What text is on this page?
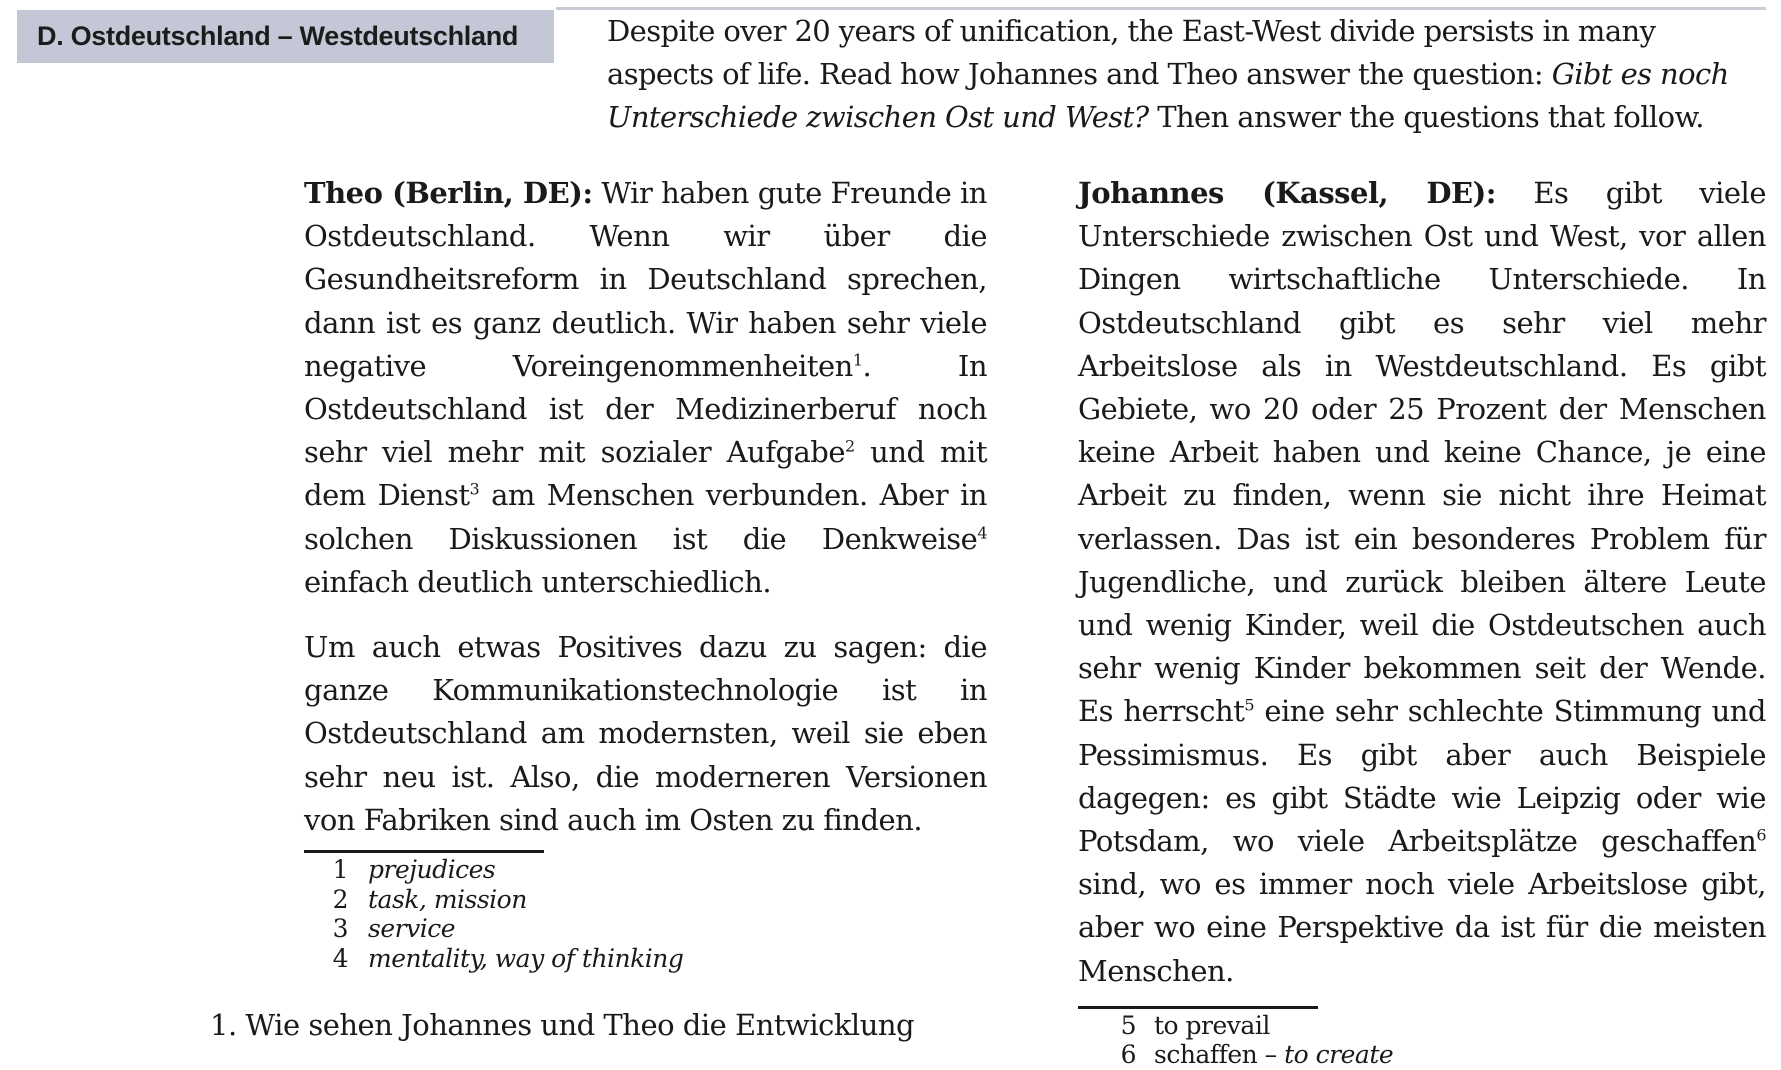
D. Ostdeutschland – Westdeutschland	Despite over 20 years of unification, the East-West divide persists in many aspects of life. Read how Johannes and Theo answer the question: Gibt es noch Unterschiede zwischen Ost und West? Then answer the questions that follow.

Theo (Berlin, DE): Wir haben gute Freunde in Ostdeutschland. Wenn wir über die Gesundheitsreform in Deutschland sprechen, dann ist es ganz deutlich. Wir haben sehr viele negative Voreingenommenheiten$^1$. In Ostdeutschland ist der Medizinerberuf noch sehr viel mehr mit sozialer Aufgabe$^2$ und mit dem Dienst$^3$ am Menschen verbunden. Aber in solchen Diskussionen ist die Denkweise$^4$ einfach deutlich unterschiedlich.

Um auch etwas Positives dazu zu sagen: die ganze Kommunikationstechnologie ist in Ostdeutschland am modernsten, weil sie eben sehr neu ist. Also, die moderneren Versionen von Fabriken sind auch im Osten zu finden.

1 prejudices
2 task, mission
3 service
4 mentality, way of thinking

Johannes (Kassel, DE): Es gibt viele Unterschiede zwischen Ost und West, vor allen Dingen wirtschaftliche Unterschiede. In Ostdeutschland gibt es sehr viel mehr Arbeitslose als in Westdeutschland. Es gibt Gebiete, wo 20 oder 25 Prozent der Menschen keine Arbeit haben und keine Chance, je eine Arbeit zu finden, wenn sie nicht ihre Heimat verlassen. Das ist ein besonderes Problem für Jugendliche, und zurück bleiben ältere Leute und wenig Kinder, weil die Ostdeutschen auch sehr wenig Kinder bekommen seit der Wende. Es herrscht$^5$ eine sehr schlechte Stimmung und Pessimismus. Es gibt aber auch Beispiele dagegen: es gibt Städte wie Leipzig oder wie Potsdam, wo viele Arbeitsplätze geschaffen$^6$ sind, wo es immer noch viele Arbeitslose gibt, aber wo eine Perspektive da ist für die meisten Menschen.

5 to prevail
6 schaffen – to create
1. Wie sehen Johannes und Theo die Entwicklung
